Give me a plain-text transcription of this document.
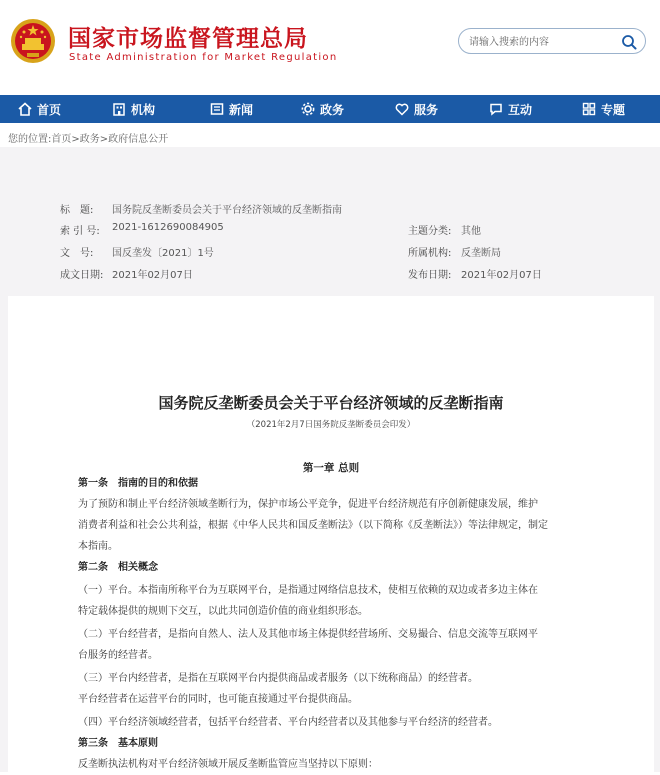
国家市场监督管理总局
State Administration for Market Regulation
请输入搜索的内容
首页	机构	新闻	政务	服务	互动	专题
您的位置:首页>政务>政府信息公开
标　题:	国务院反垄断委员会关于平台经济领域的反垄断指南
索 引 号:	2021-1612690084905	主题分类: 其他
文　号:	国反垄发〔2021〕1号	所属机构: 反垄断局
成文日期: 2021年02月07日	发布日期: 2021年02月07日
国务院反垄断委员会关于平台经济领域的反垄断指南
（2021年2月7日国务院反垄断委员会印发）
第一章 总则
第一条　指南的目的和依据
为了预防和制止平台经济领域垄断行为，保护市场公平竞争，促进平台经济规范有序创新健康发展，维护
消费者利益和社会公共利益，根据《中华人民共和国反垄断法》（以下简称《反垄断法》）等法律规定，制定
本指南。
第二条　相关概念
（一）平台。本指南所称平台为互联网平台，是指通过网络信息技术，使相互依赖的双边或者多边主体在
特定载体提供的规则下交互，以此共同创造价值的商业组织形态。
（二）平台经营者，是指向自然人、法人及其他市场主体提供经营场所、交易撮合、信息交流等互联网平
台服务的经营者。
（三）平台内经营者，是指在互联网平台内提供商品或者服务（以下统称商品）的经营者。
平台经营者在运营平台的同时，也可能直接通过平台提供商品。
（四）平台经济领域经营者，包括平台经营者、平台内经营者以及其他参与平台经济的经营者。
第三条　基本原则
反垄断执法机构对平台经济领域开展反垄断监管应当坚持以下原则：
